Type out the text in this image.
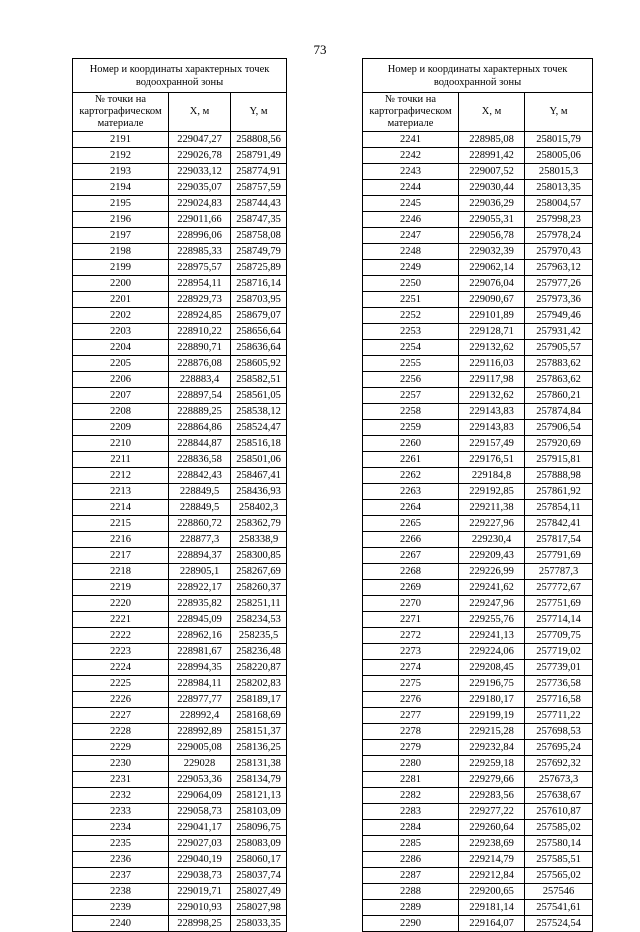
73
Номер и координаты характерных точек водоохранной зоны		
№ точки на картографическом материале	X, м	Y, м
2191	229047,27	258808,56
2192	229026,78	258791,49
2193	229033,12	258774,91
2194	229035,07	258757,59
2195	229024,83	258744,43
2196	229011,66	258747,35
2197	228996,06	258758,08
2198	228985,33	258749,79
2199	228975,57	258725,89
2200	228954,11	258716,14
2201	228929,73	258703,95
2202	228924,85	258679,07
2203	228910,22	258656,64
2204	228890,71	258636,64
2205	228876,08	258605,92
2206	228883,4	258582,51
2207	228897,54	258561,05
2208	228889,25	258538,12
2209	228864,86	258524,47
2210	228844,87	258516,18
2211	228836,58	258501,06
2212	228842,43	258467,41
2213	228849,5	258436,93
2214	228849,5	258402,3
2215	228860,72	258362,79
2216	228877,3	258338,9
2217	228894,37	258300,85
2218	228905,1	258267,69
2219	228922,17	258260,37
2220	228935,82	258251,11
2221	228945,09	258234,53
2222	228962,16	258235,5
2223	228981,67	258236,48
2224	228994,35	258220,87
2225	228984,11	258202,83
2226	228977,77	258189,17
2227	228992,4	258168,69
2228	228992,89	258151,37
2229	229005,08	258136,25
2230	229028	258131,38
2231	229053,36	258134,79
2232	229064,09	258121,13
2233	229058,73	258103,09
2234	229041,17	258096,75
2235	229027,03	258083,09
2236	229040,19	258060,17
2237	229038,73	258037,74
2238	229019,71	258027,49
2239	229010,93	258027,98
2240	228998,25	258033,35
Номер и координаты характерных точек водоохранной зоны		
№ точки на картографическом материале	X, м	Y, м
2241	228985,08	258015,79
2242	228991,42	258005,06
2243	229007,52	258015,3
2244	229030,44	258013,35
2245	229036,29	258004,57
2246	229055,31	257998,23
2247	229056,78	257978,24
2248	229032,39	257970,43
2249	229062,14	257963,12
2250	229076,04	257977,26
2251	229090,67	257973,36
2252	229101,89	257949,46
2253	229128,71	257931,42
2254	229132,62	257905,57
2255	229116,03	257883,62
2256	229117,98	257863,62
2257	229132,62	257860,21
2258	229143,83	257874,84
2259	229143,83	257906,54
2260	229157,49	257920,69
2261	229176,51	257915,81
2262	229184,8	257888,98
2263	229192,85	257861,92
2264	229211,38	257854,11
2265	229227,96	257842,41
2266	229230,4	257817,54
2267	229209,43	257791,69
2268	229226,99	257787,3
2269	229241,62	257772,67
2270	229247,96	257751,69
2271	229255,76	257714,14
2272	229241,13	257709,75
2273	229224,06	257719,02
2274	229208,45	257739,01
2275	229196,75	257736,58
2276	229180,17	257716,58
2277	229199,19	257711,22
2278	229215,28	257698,53
2279	229232,84	257695,24
2280	229259,18	257692,32
2281	229279,66	257673,3
2282	229283,56	257638,67
2283	229277,22	257610,87
2284	229260,64	257585,02
2285	229238,69	257580,14
2286	229214,79	257585,51
2287	229212,84	257565,02
2288	229200,65	257546
2289	229181,14	257541,61
2290	229164,07	257524,54
